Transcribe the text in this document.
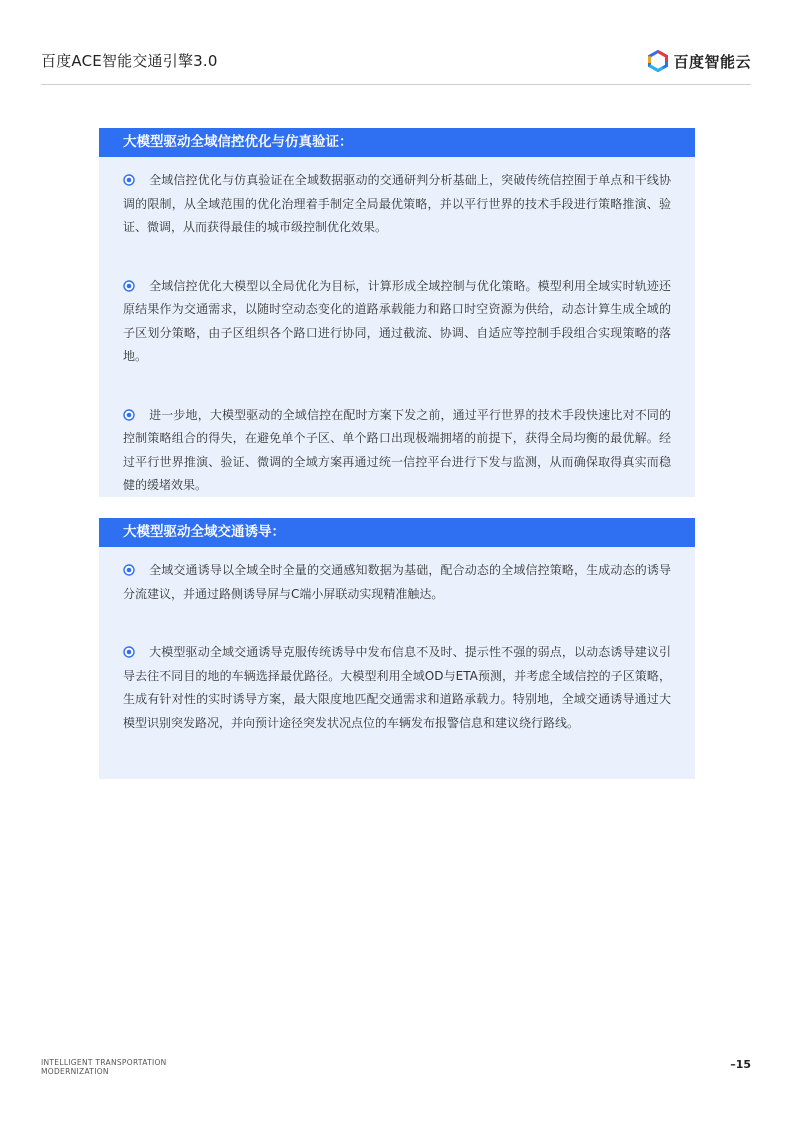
百度ACE智能交通引擎3.0	百度智能云
大模型驱动全域信控优化与仿真验证：

全域信控优化与仿真验证在全域数据驱动的交通研判分析基础上，突破传统信控囿于单点和干线协调的限制，从全域范围的优化治理着手制定全局最优策略，并以平行世界的技术手段进行策略推演、验证、微调，从而获得最佳的城市级控制优化效果。

全域信控优化大模型以全局优化为目标，计算形成全域控制与优化策略。模型利用全域实时轨迹还原结果作为交通需求，以随时空动态变化的道路承载能力和路口时空资源为供给，动态计算生成全域的子区划分策略，由子区组织各个路口进行协同，通过截流、协调、自适应等控制手段组合实现策略的落地。

进一步地，大模型驱动的全域信控在配时方案下发之前，通过平行世界的技术手段快速比对不同的控制策略组合的得失，在避免单个子区、单个路口出现极端拥堵的前提下，获得全局均衡的最优解。经过平行世界推演、验证、微调的全域方案再通过统一信控平台进行下发与监测，从而确保取得真实而稳健的缓堵效果。

大模型驱动全域交通诱导：

全域交通诱导以全域全时全量的交通感知数据为基础，配合动态的全域信控策略，生成动态的诱导分流建议，并通过路侧诱导屏与C端小屏联动实现精准触达。

大模型驱动全域交通诱导克服传统诱导中发布信息不及时、提示性不强的弱点，以动态诱导建议引导去往不同目的地的车辆选择最优路径。大模型利用全域OD与ETA预测，并考虑全域信控的子区策略，生成有针对性的实时诱导方案，最大限度地匹配交通需求和道路承载力。特别地，全域交通诱导通过大模型识别突发路况，并向预计途径突发状况点位的车辆发布报警信息和建议绕行路线。

INTELLIGENT TRANSPORTATION
MODERNIZATION
–15
